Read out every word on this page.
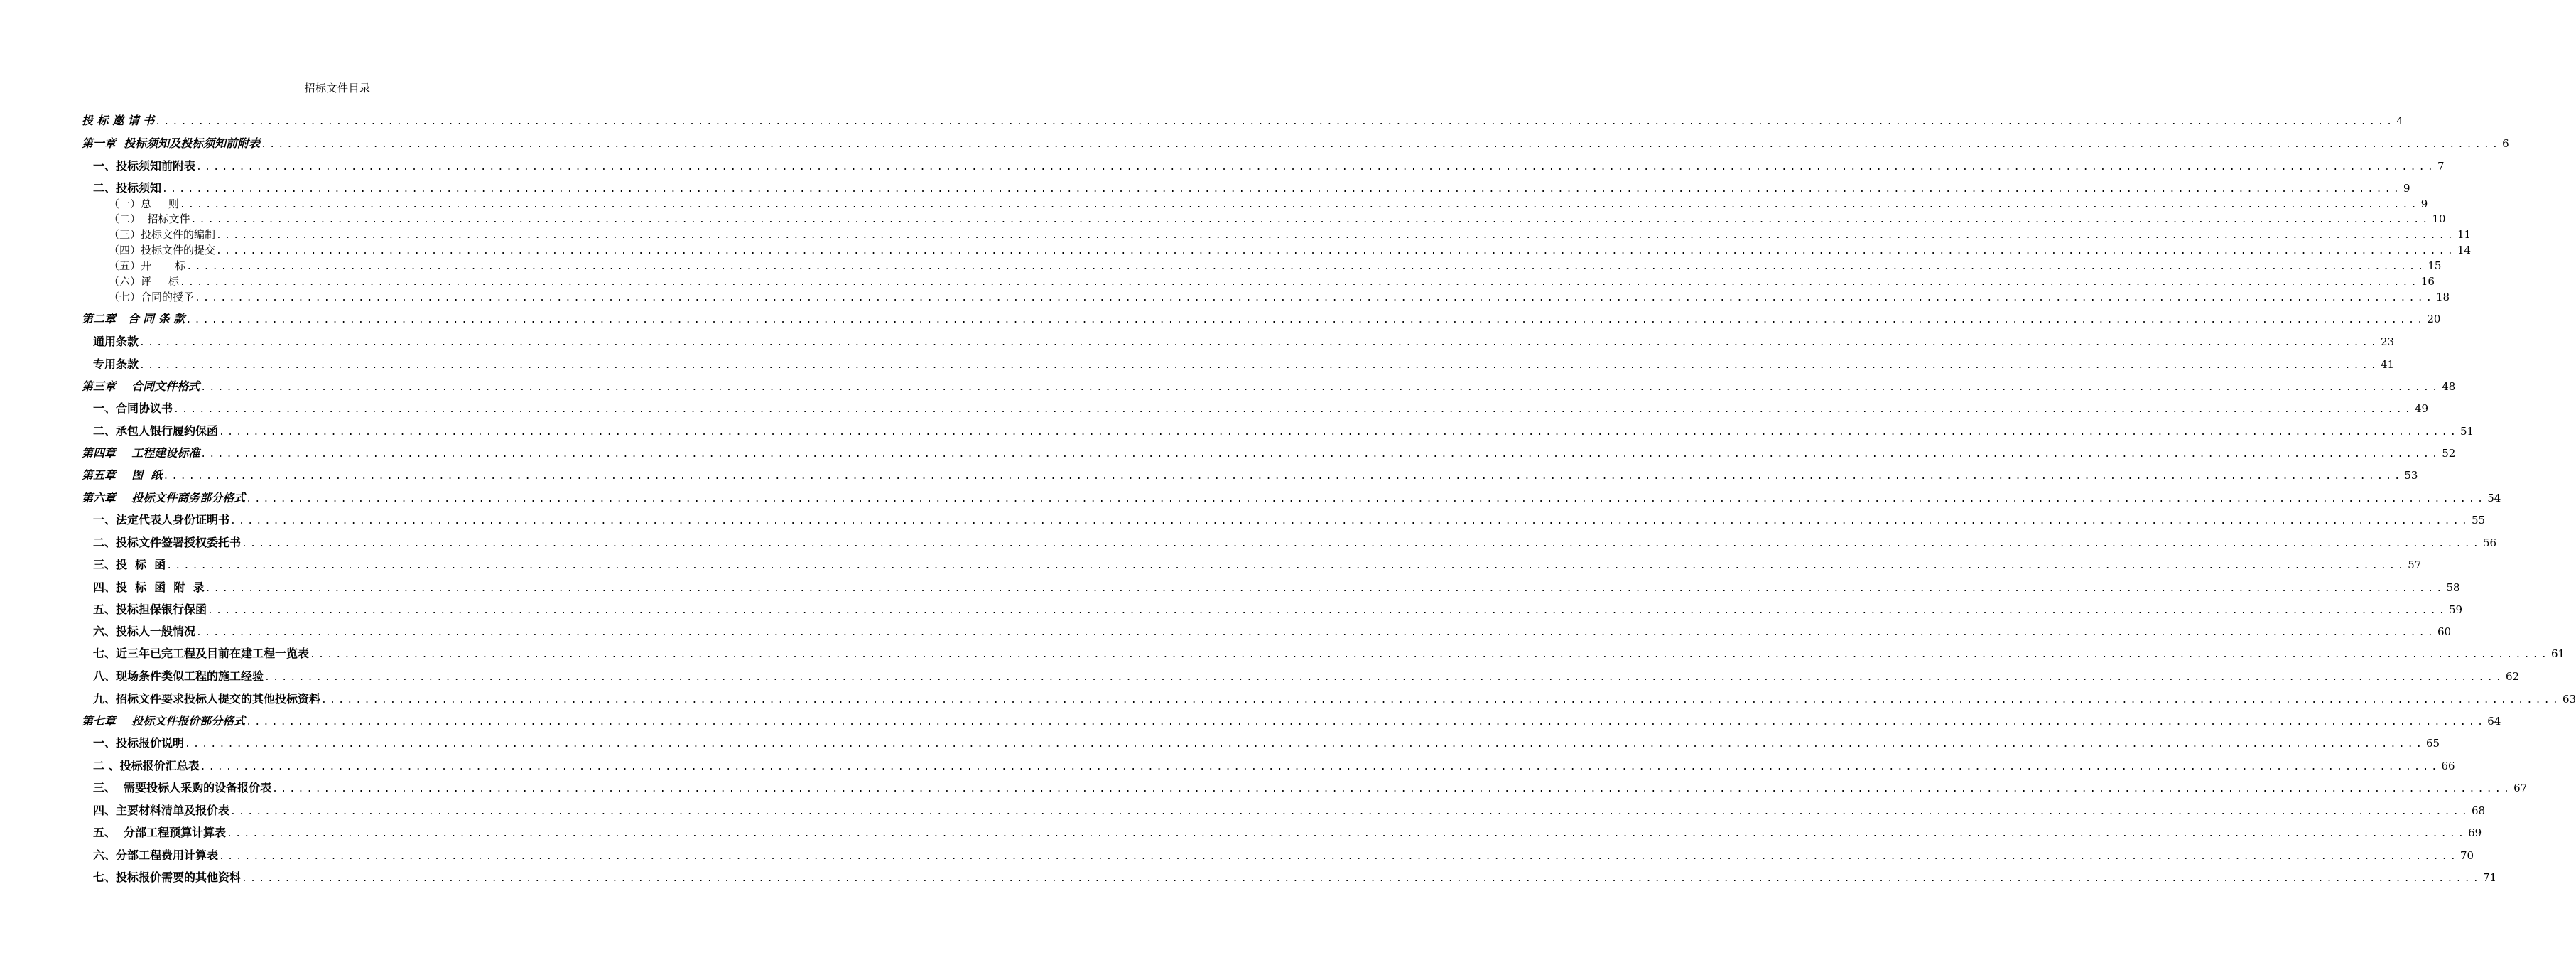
招标文件目录
投 标 邀 请 书 .................................................................................................................................................................................................................................................................... 4
第一章  投标须知及投标须知前附表 .................................................................................................................................................................................................................................................................... 6
一、投标须知前附表 .................................................................................................................................................................................................................................................................... 7
二、投标须知 .................................................................................................................................................................................................................................................................... 9
（一）总     则 .................................................................................................................................................................................................................................................................... 9
（二）  招标文件 .................................................................................................................................................................................................................................................................... 10
（三）投标文件的编制 .................................................................................................................................................................................................................................................................... 11
（四）投标文件的提交 .................................................................................................................................................................................................................................................................... 14
（五）开       标 .................................................................................................................................................................................................................................................................... 15
（六）评     标 .................................................................................................................................................................................................................................................................... 16
（七）合同的授予 .................................................................................................................................................................................................................................................................... 18
第二章   合 同 条 款 .................................................................................................................................................................................................................................................................... 20
通用条款 .................................................................................................................................................................................................................................................................... 23
专用条款 .................................................................................................................................................................................................................................................................... 41
第三章    合同文件格式 .................................................................................................................................................................................................................................................................... 48
一、合同协议书 .................................................................................................................................................................................................................................................................... 49
二、承包人银行履约保函 .................................................................................................................................................................................................................................................................... 51
第四章    工程建设标准 .................................................................................................................................................................................................................................................................... 52
第五章    图  纸 .................................................................................................................................................................................................................................................................... 53
第六章    投标文件商务部分格式 .................................................................................................................................................................................................................................................................... 54
一、法定代表人身份证明书 .................................................................................................................................................................................................................................................................... 55
二、投标文件签署授权委托书 .................................................................................................................................................................................................................................................................... 56
三、投  标  函 .................................................................................................................................................................................................................................................................... 57
四、投  标  函  附  录 .................................................................................................................................................................................................................................................................... 58
五、投标担保银行保函 .................................................................................................................................................................................................................................................................... 59
六、投标人一般情况 .................................................................................................................................................................................................................................................................... 60
七、近三年已完工程及目前在建工程一览表 .................................................................................................................................................................................................................................................................... 61
八、现场条件类似工程的施工经验 .................................................................................................................................................................................................................................................................... 62
九、招标文件要求投标人提交的其他投标资料 .................................................................................................................................................................................................................................................................... 63
第七章    投标文件报价部分格式 .................................................................................................................................................................................................................................................................... 64
一、投标报价说明 .................................................................................................................................................................................................................................................................... 65
二 、投标报价汇总表 .................................................................................................................................................................................................................................................................... 66
三、  需要投标人采购的设备报价表 .................................................................................................................................................................................................................................................................... 67
四、主要材料清单及报价表 .................................................................................................................................................................................................................................................................... 68
五、  分部工程预算计算表 .................................................................................................................................................................................................................................................................... 69
六、分部工程费用计算表 .................................................................................................................................................................................................................................................................... 70
七、投标报价需要的其他资料 .................................................................................................................................................................................................................................................................... 71
